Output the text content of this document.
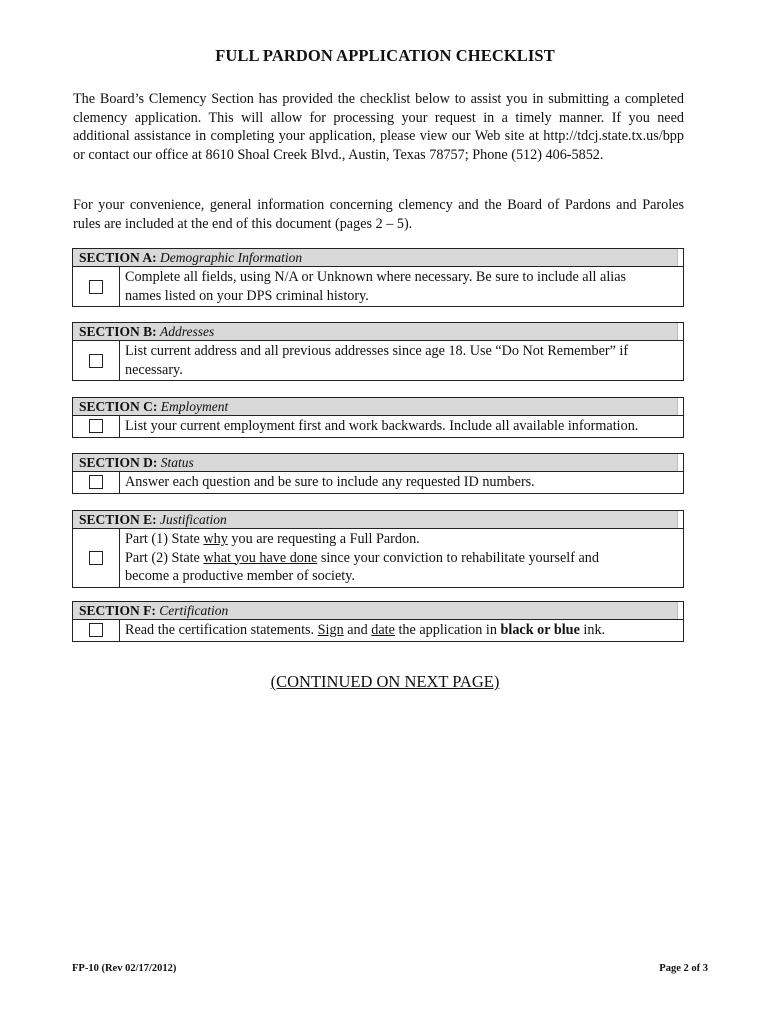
FULL PARDON APPLICATION CHECKLIST
The Board’s Clemency Section has provided the checklist below to assist you in submitting a completed clemency application. This will allow for processing your request in a timely manner. If you need additional assistance in completing your application, please view our Web site at http://tdcj.state.tx.us/bpp or contact our office at 8610 Shoal Creek Blvd., Austin, Texas 78757; Phone (512) 406-5852.
For your convenience, general information concerning clemency and the Board of Pardons and Paroles rules are included at the end of this document (pages 2 – 5).
SECTION A: Demographic Information
Complete all fields, using N/A or Unknown where necessary. Be sure to include all alias
names listed on your DPS criminal history.
SECTION B: Addresses
List current address and all previous addresses since age 18. Use “Do Not Remember” if
necessary.
SECTION C: Employment
List your current employment first and work backwards. Include all available information.
SECTION D: Status
Answer each question and be sure to include any requested ID numbers.
SECTION E: Justification
Part (1) State why you are requesting a Full Pardon.
Part (2) State what you have done since your conviction to rehabilitate yourself and
become a productive member of society.
SECTION F: Certification
Read the certification statements. Sign and date the application in black or blue ink.
(CONTINUED ON NEXT PAGE)
FP-10 (Rev 02/17/2012)	Page 2 of 3
